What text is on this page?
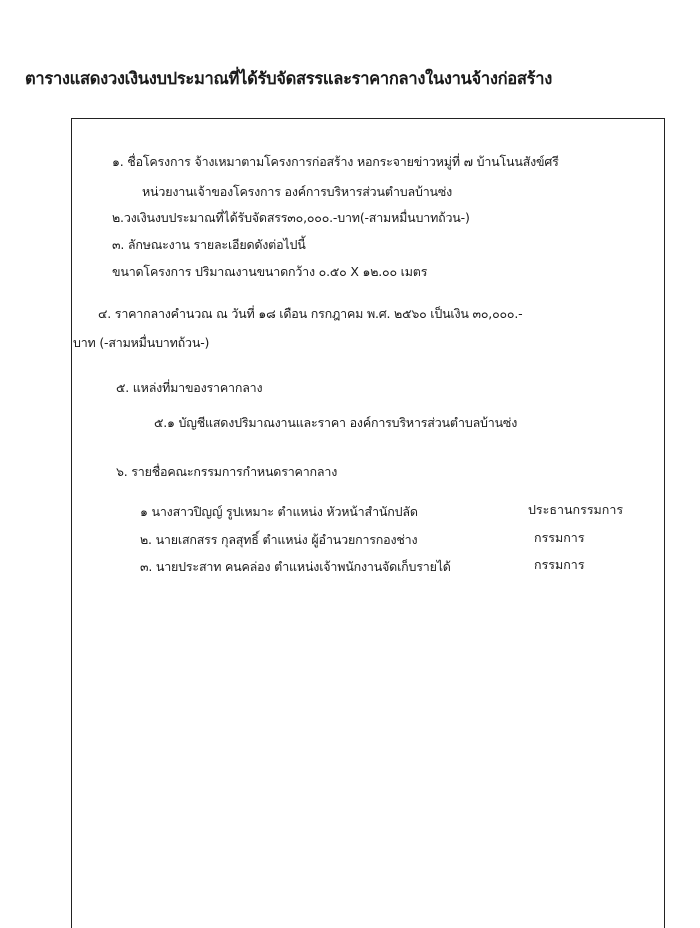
ตารางแสดงวงเงินงบประมาณที่ได้รับจัดสรรและราคากลางในงานจ้างก่อสร้าง
๑. ชื่อโครงการ จ้างเหมาตามโครงการก่อสร้าง หอกระจายข่าวหมู่ที่ ๗ บ้านโนนสังข์ศรี
หน่วยงานเจ้าของโครงการ องค์การบริหารส่วนตำบลบ้านซ่ง
๒.วงเงินงบประมาณที่ได้รับจัดสรร๓๐,๐๐๐.-บาท(-สามหมื่นบาทถ้วน-)
๓. ลักษณะงาน รายละเอียดดังต่อไปนี้
ขนาดโครงการ ปริมาณงานขนาดกว้าง ๐.๕๐ X ๑๒.๐๐ เมตร
๔. ราคากลางคำนวณ ณ วันที่ ๑๘ เดือน กรกฎาคม พ.ศ. ๒๕๖๐ เป็นเงิน ๓๐,๐๐๐.-
บาท (-สามหมื่นบาทถ้วน-)
๕. แหล่งที่มาของราคากลาง
๕.๑ บัญชีแสดงปริมาณงานและราคา องค์การบริหารส่วนตำบลบ้านซ่ง
๖. รายชื่อคณะกรรมการกำหนดราคากลาง
๑ นางสาวปิญญ์ รูปเหมาะ ตำแหน่ง หัวหน้าสำนักปลัด	ประธานกรรมการ
๒. นายเสกสรร กุลสุทธิ์ ตำแหน่ง ผู้อำนวยการกองช่าง	กรรมการ
๓. นายประสาท คนคล่อง ตำแหน่งเจ้าพนักงานจัดเก็บรายได้	กรรมการ
